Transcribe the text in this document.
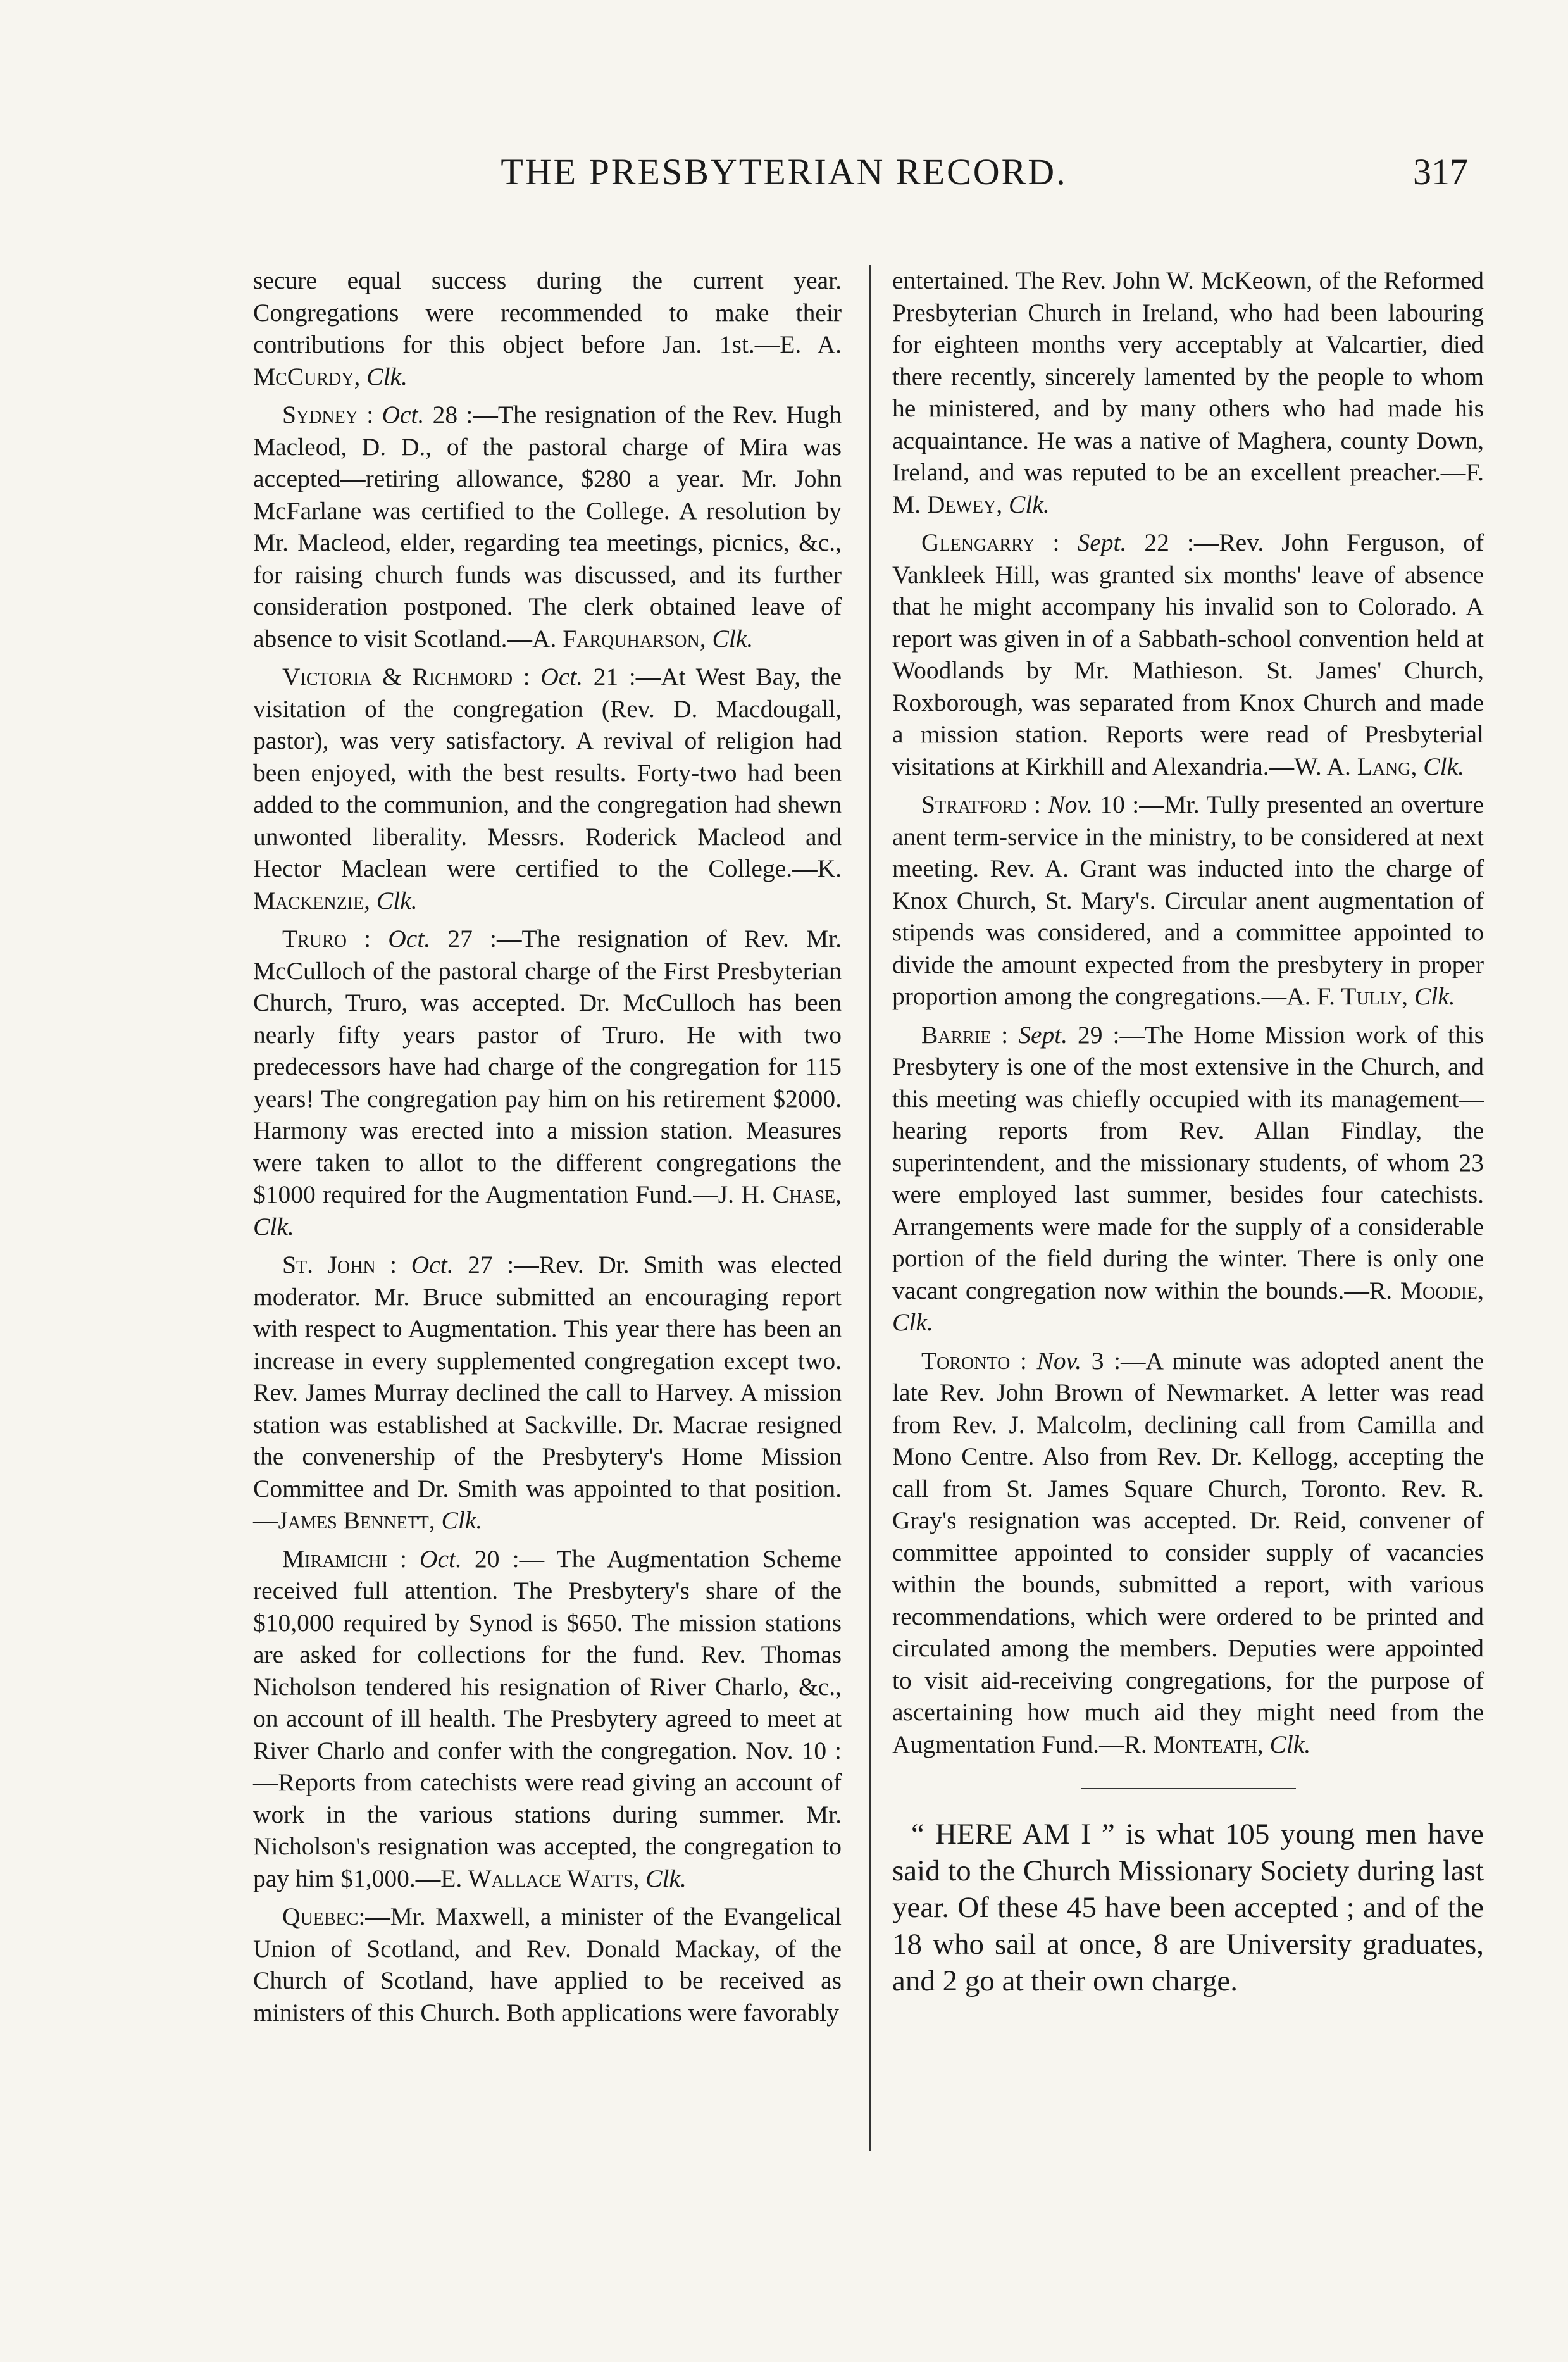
THE PRESBYTERIAN RECORD.	317

secure equal success during the current year. Congregations were recommended to make their contributions for this object before Jan. 1st.—E. A. McCurdy, Clk.

Sydney : Oct. 28 :—The resignation of the Rev. Hugh Macleod, D. D., of the pastoral charge of Mira was accepted—retiring allowance, $280 a year. Mr. John McFarlane was certified to the College. A resolution by Mr. Macleod, elder, regarding tea meetings, picnics, &c., for raising church funds was discussed, and its further consideration postponed. The clerk obtained leave of absence to visit Scotland.—A. Farquharson, Clk.

Victoria & Richmord : Oct. 21 :—At West Bay, the visitation of the congregation (Rev. D. Macdougall, pastor), was very satisfactory. A revival of religion had been enjoyed, with the best results. Forty-two had been added to the communion, and the congregation had shewn unwonted liberality. Messrs. Roderick Macleod and Hector Maclean were certified to the College.—K. Mackenzie, Clk.

Truro : Oct. 27 :—The resignation of Rev. Mr. McCulloch of the pastoral charge of the First Presbyterian Church, Truro, was accepted. Dr. McCulloch has been nearly fifty years pastor of Truro. He with two predecessors have had charge of the congregation for 115 years! The congregation pay him on his retirement $2000. Harmony was erected into a mission station. Measures were taken to allot to the different congregations the $1000 required for the Augmentation Fund.—J. H. Chase, Clk.

St. John : Oct. 27 :—Rev. Dr. Smith was elected moderator. Mr. Bruce submitted an encouraging report with respect to Augmentation. This year there has been an increase in every supplemented congregation except two. Rev. James Murray declined the call to Harvey. A mission station was established at Sackville. Dr. Macrae resigned the convenership of the Presbytery's Home Mission Committee and Dr. Smith was appointed to that position.—James Bennett, Clk.

Miramichi : Oct. 20 :— The Augmentation Scheme received full attention. The Presbytery's share of the $10,000 required by Synod is $650. The mission stations are asked for collections for the fund. Rev. Thomas Nicholson tendered his resignation of River Charlo, &c., on account of ill health. The Presbytery agreed to meet at River Charlo and confer with the congregation. Nov. 10 :—Reports from catechists were read giving an account of work in the various stations during summer. Mr. Nicholson's resignation was accepted, the congregation to pay him $1,000.—E. Wallace Watts, Clk.

Quebec:—Mr. Maxwell, a minister of the Evangelical Union of Scotland, and Rev. Donald Mackay, of the Church of Scotland, have applied to be received as ministers of this Church. Both applications were favorably

entertained. The Rev. John W. McKeown, of the Reformed Presbyterian Church in Ireland, who had been labouring for eighteen months very acceptably at Valcartier, died there recently, sincerely lamented by the people to whom he ministered, and by many others who had made his acquaintance. He was a native of Maghera, county Down, Ireland, and was reputed to be an excellent preacher.—F. M. Dewey, Clk.

Glengarry : Sept. 22 :—Rev. John Ferguson, of Vankleek Hill, was granted six months' leave of absence that he might accompany his invalid son to Colorado. A report was given in of a Sabbath-school convention held at Woodlands by Mr. Mathieson. St. James' Church, Roxborough, was separated from Knox Church and made a mission station. Reports were read of Presbyterial visitations at Kirkhill and Alexandria.—W. A. Lang, Clk.

Stratford : Nov. 10 :—Mr. Tully presented an overture anent term-service in the ministry, to be considered at next meeting. Rev. A. Grant was inducted into the charge of Knox Church, St. Mary's. Circular anent augmentation of stipends was considered, and a committee appointed to divide the amount expected from the presbytery in proper proportion among the congregations.—A. F. Tully, Clk.

Barrie : Sept. 29 :—The Home Mission work of this Presbytery is one of the most extensive in the Church, and this meeting was chiefly occupied with its management—hearing reports from Rev. Allan Findlay, the superintendent, and the missionary students, of whom 23 were employed last summer, besides four catechists. Arrangements were made for the supply of a considerable portion of the field during the winter. There is only one vacant congregation now within the bounds.—R. Moodie, Clk.

Toronto : Nov. 3 :—A minute was adopted anent the late Rev. John Brown of Newmarket. A letter was read from Rev. J. Malcolm, declining call from Camilla and Mono Centre. Also from Rev. Dr. Kellogg, accepting the call from St. James Square Church, Toronto. Rev. R. Gray's resignation was accepted. Dr. Reid, convener of committee appointed to consider supply of vacancies within the bounds, submitted a report, with various recommendations, which were ordered to be printed and circulated among the members. Deputies were appointed to visit aid-receiving congregations, for the purpose of ascertaining how much aid they might need from the Augmentation Fund.—R. Monteath, Clk.

“ HERE AM I ” is what 105 young men have said to the Church Missionary Society during last year. Of these 45 have been accepted ; and of the 18 who sail at once, 8 are University graduates, and 2 go at their own charge.
